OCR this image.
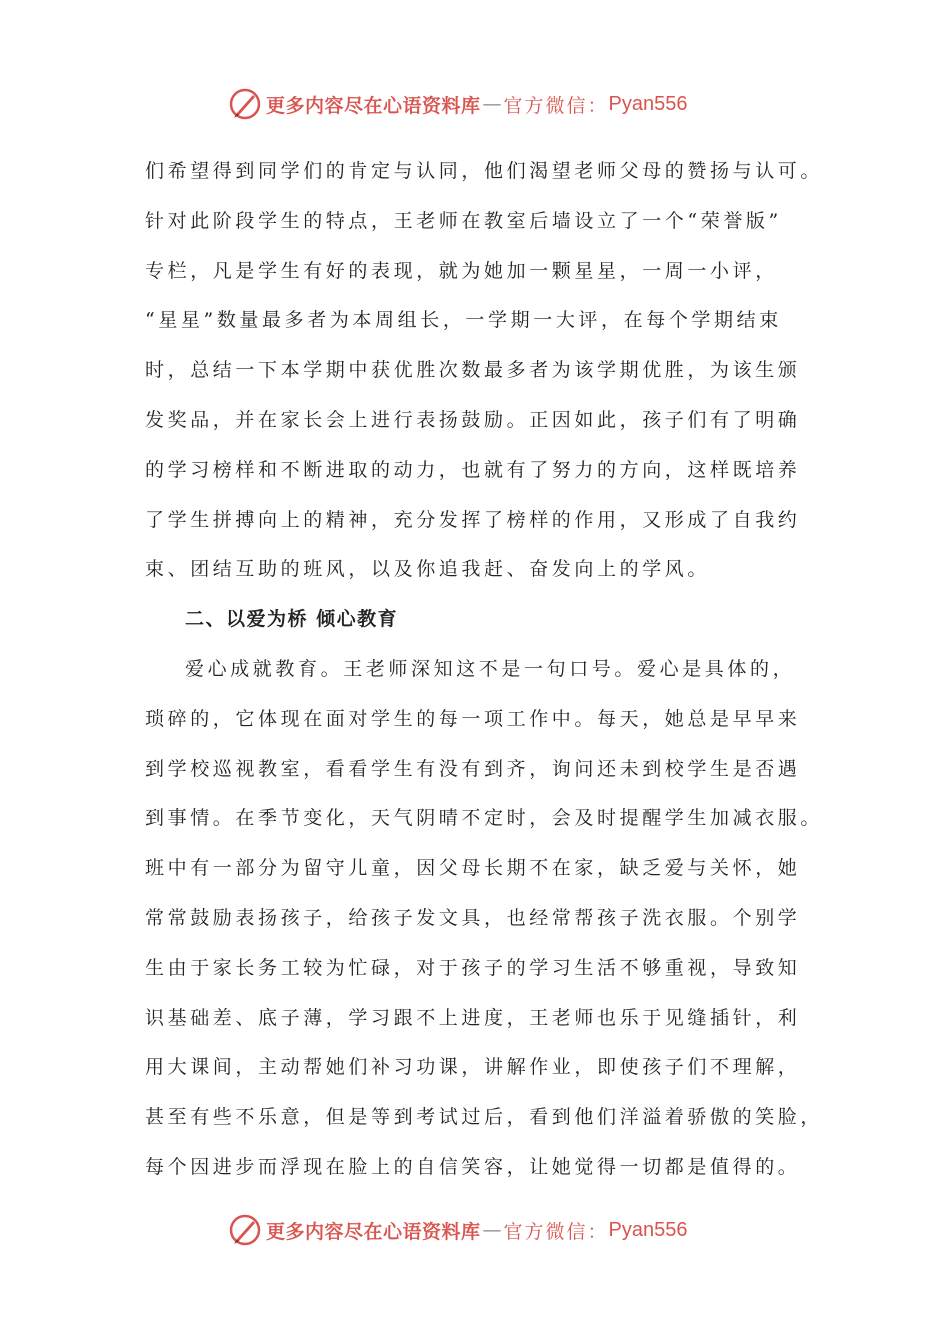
更多内容尽在心语资料库 — 官方微信： Pyan556
们希望得到同学们的肯定与认同，他们渴望老师父母的赞扬与认可。
针对此阶段学生的特点，王老师在教室后墙设立了一个“荣誉版”
专栏，凡是学生有好的表现，就为她加一颗星星，一周一小评，
“星星”数量最多者为本周组长，一学期一大评，在每个学期结束
时，总结一下本学期中获优胜次数最多者为该学期优胜，为该生颁
发奖品，并在家长会上进行表扬鼓励。正因如此，孩子们有了明确
的学习榜样和不断进取的动力，也就有了努力的方向，这样既培养
了学生拼搏向上的精神，充分发挥了榜样的作用，又形成了自我约
束、团结互助的班风，以及你追我赶、奋发向上的学风。
二、以爱为桥 倾心教育
爱心成就教育。王老师深知这不是一句口号。爱心是具体的，
琐碎的，它体现在面对学生的每一项工作中。每天，她总是早早来
到学校巡视教室，看看学生有没有到齐，询问还未到校学生是否遇
到事情。在季节变化，天气阴晴不定时，会及时提醒学生加减衣服。
班中有一部分为留守儿童，因父母长期不在家，缺乏爱与关怀，她
常常鼓励表扬孩子，给孩子发文具，也经常帮孩子洗衣服。个别学
生由于家长务工较为忙碌，对于孩子的学习生活不够重视，导致知
识基础差、底子薄，学习跟不上进度，王老师也乐于见缝插针，利
用大课间，主动帮她们补习功课，讲解作业，即使孩子们不理解，
甚至有些不乐意，但是等到考试过后，看到他们洋溢着骄傲的笑脸，
每个因进步而浮现在脸上的自信笑容，让她觉得一切都是值得的。
更多内容尽在心语资料库 — 官方微信： Pyan556
